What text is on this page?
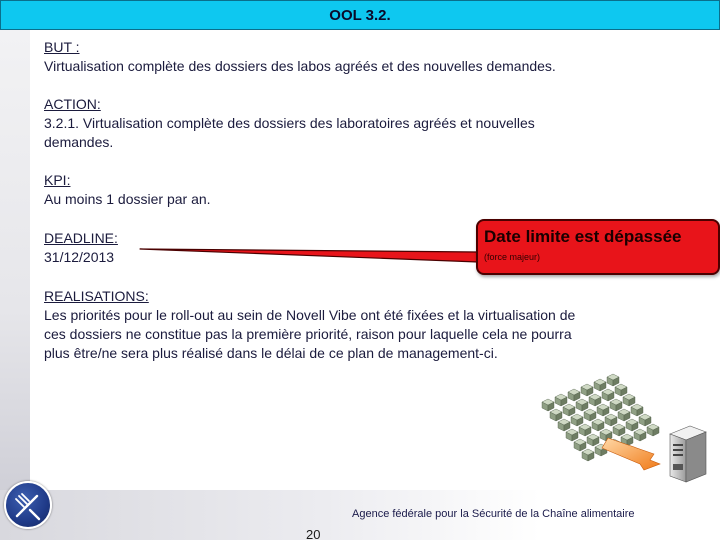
OOL 3.2.
BUT :
Virtualisation complète des dossiers des labos agréés et des nouvelles demandes.
ACTION:
3.2.1. Virtualisation complète des dossiers des laboratoires agréés et nouvelles
demandes.
KPI:
Au moins 1 dossier par an.
DEADLINE:
31/12/2013
Date limite est dépassée
(force majeur)
REALISATIONS:
Les priorités pour le roll-out au sein de Novell Vibe ont été fixées et la virtualisation de
ces dossiers ne constitue pas la première priorité, raison pour laquelle cela ne pourra
plus être/ne sera plus réalisé dans le délai de ce plan de management-ci.
Agence fédérale pour la Sécurité de la Chaîne alimentaire
20
